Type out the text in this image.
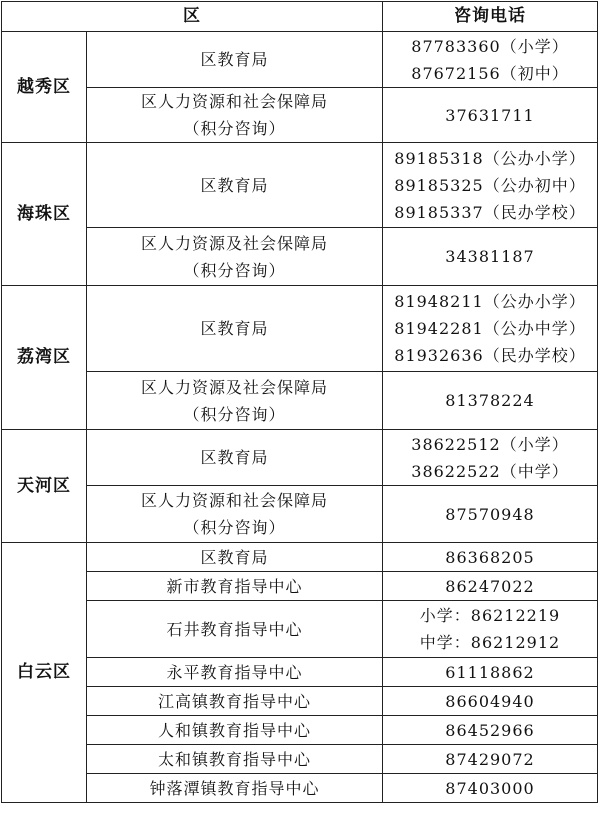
区		咨询电话
越秀区	区教育局	87783360（小学）
87672156（初中）

	区人力资源和社会保障局
（积分咨询）	37631711

海珠区	区教育局	89185318（公办小学）
89185325（公办初中）
89185337（民办学校）

	区人力资源及社会保障局
（积分咨询）	34381187

荔湾区	区教育局	81948211（公办小学）
81942281（公办中学）
81932636（民办学校）

	区人力资源及社会保障局
（积分咨询）	81378224

天河区	区教育局	38622512（小学）
38622522（中学）

	区人力资源和社会保障局
（积分咨询）	87570948

白云区	区教育局	86368205

	新市教育指导中心	86247022

	石井教育指导中心	小学：86212219
中学：86212912

	永平教育指导中心	61118862

	江高镇教育指导中心	86604940

	人和镇教育指导中心	86452966

	太和镇教育指导中心	87429072

	钟落潭镇教育指导中心	87403000
